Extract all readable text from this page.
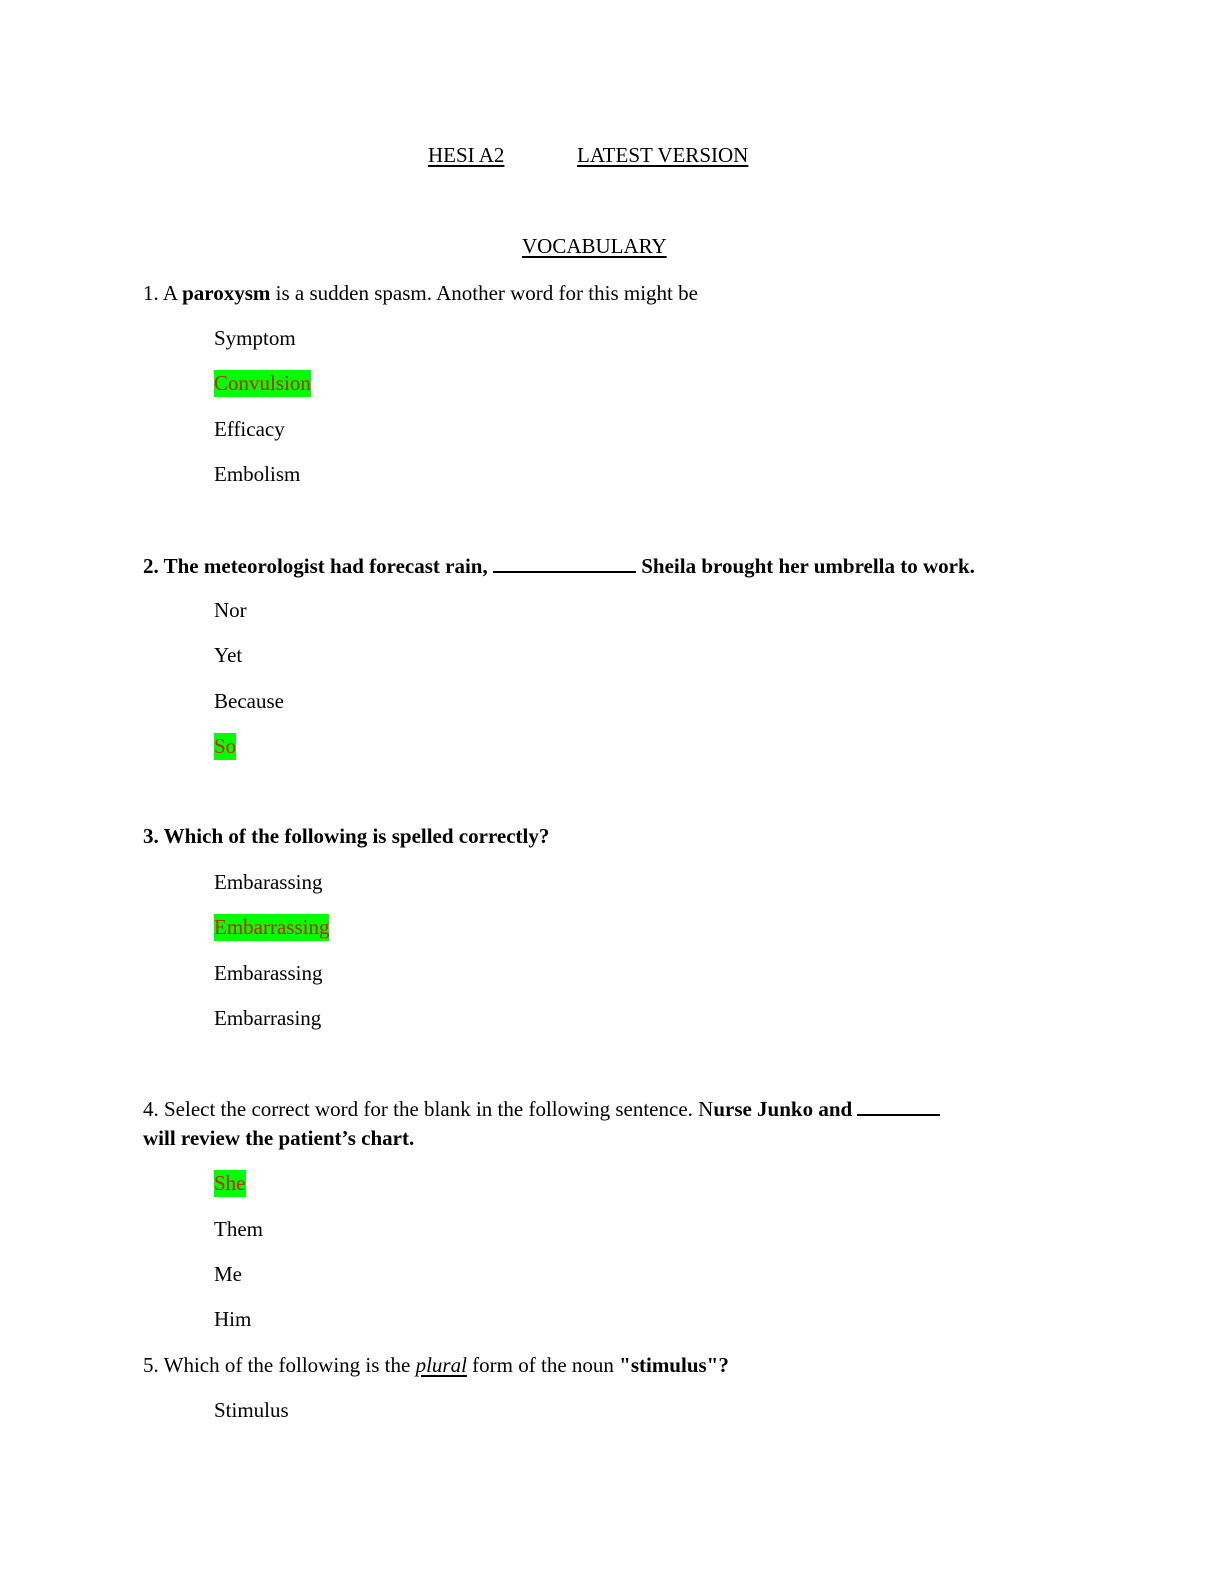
HESI A2	LATEST VERSION
VOCABULARY
1. A paroxysm is a sudden spasm. Another word for this might be
Symptom
Convulsion
Efficacy
Embolism
2. The meteorologist had forecast rain,	Sheila brought her umbrella to work.
Nor
Yet
Because
So
3. Which of the following is spelled correctly?
Embarassing
Embarrassing
Embarassing
Embarrasing
4. Select the correct word for the blank in the following sentence. Nurse Junko and
will review the patient’s chart.
She
Them
Me
Him
5. Which of the following is the plural form of the noun "stimulus"?
Stimulus
